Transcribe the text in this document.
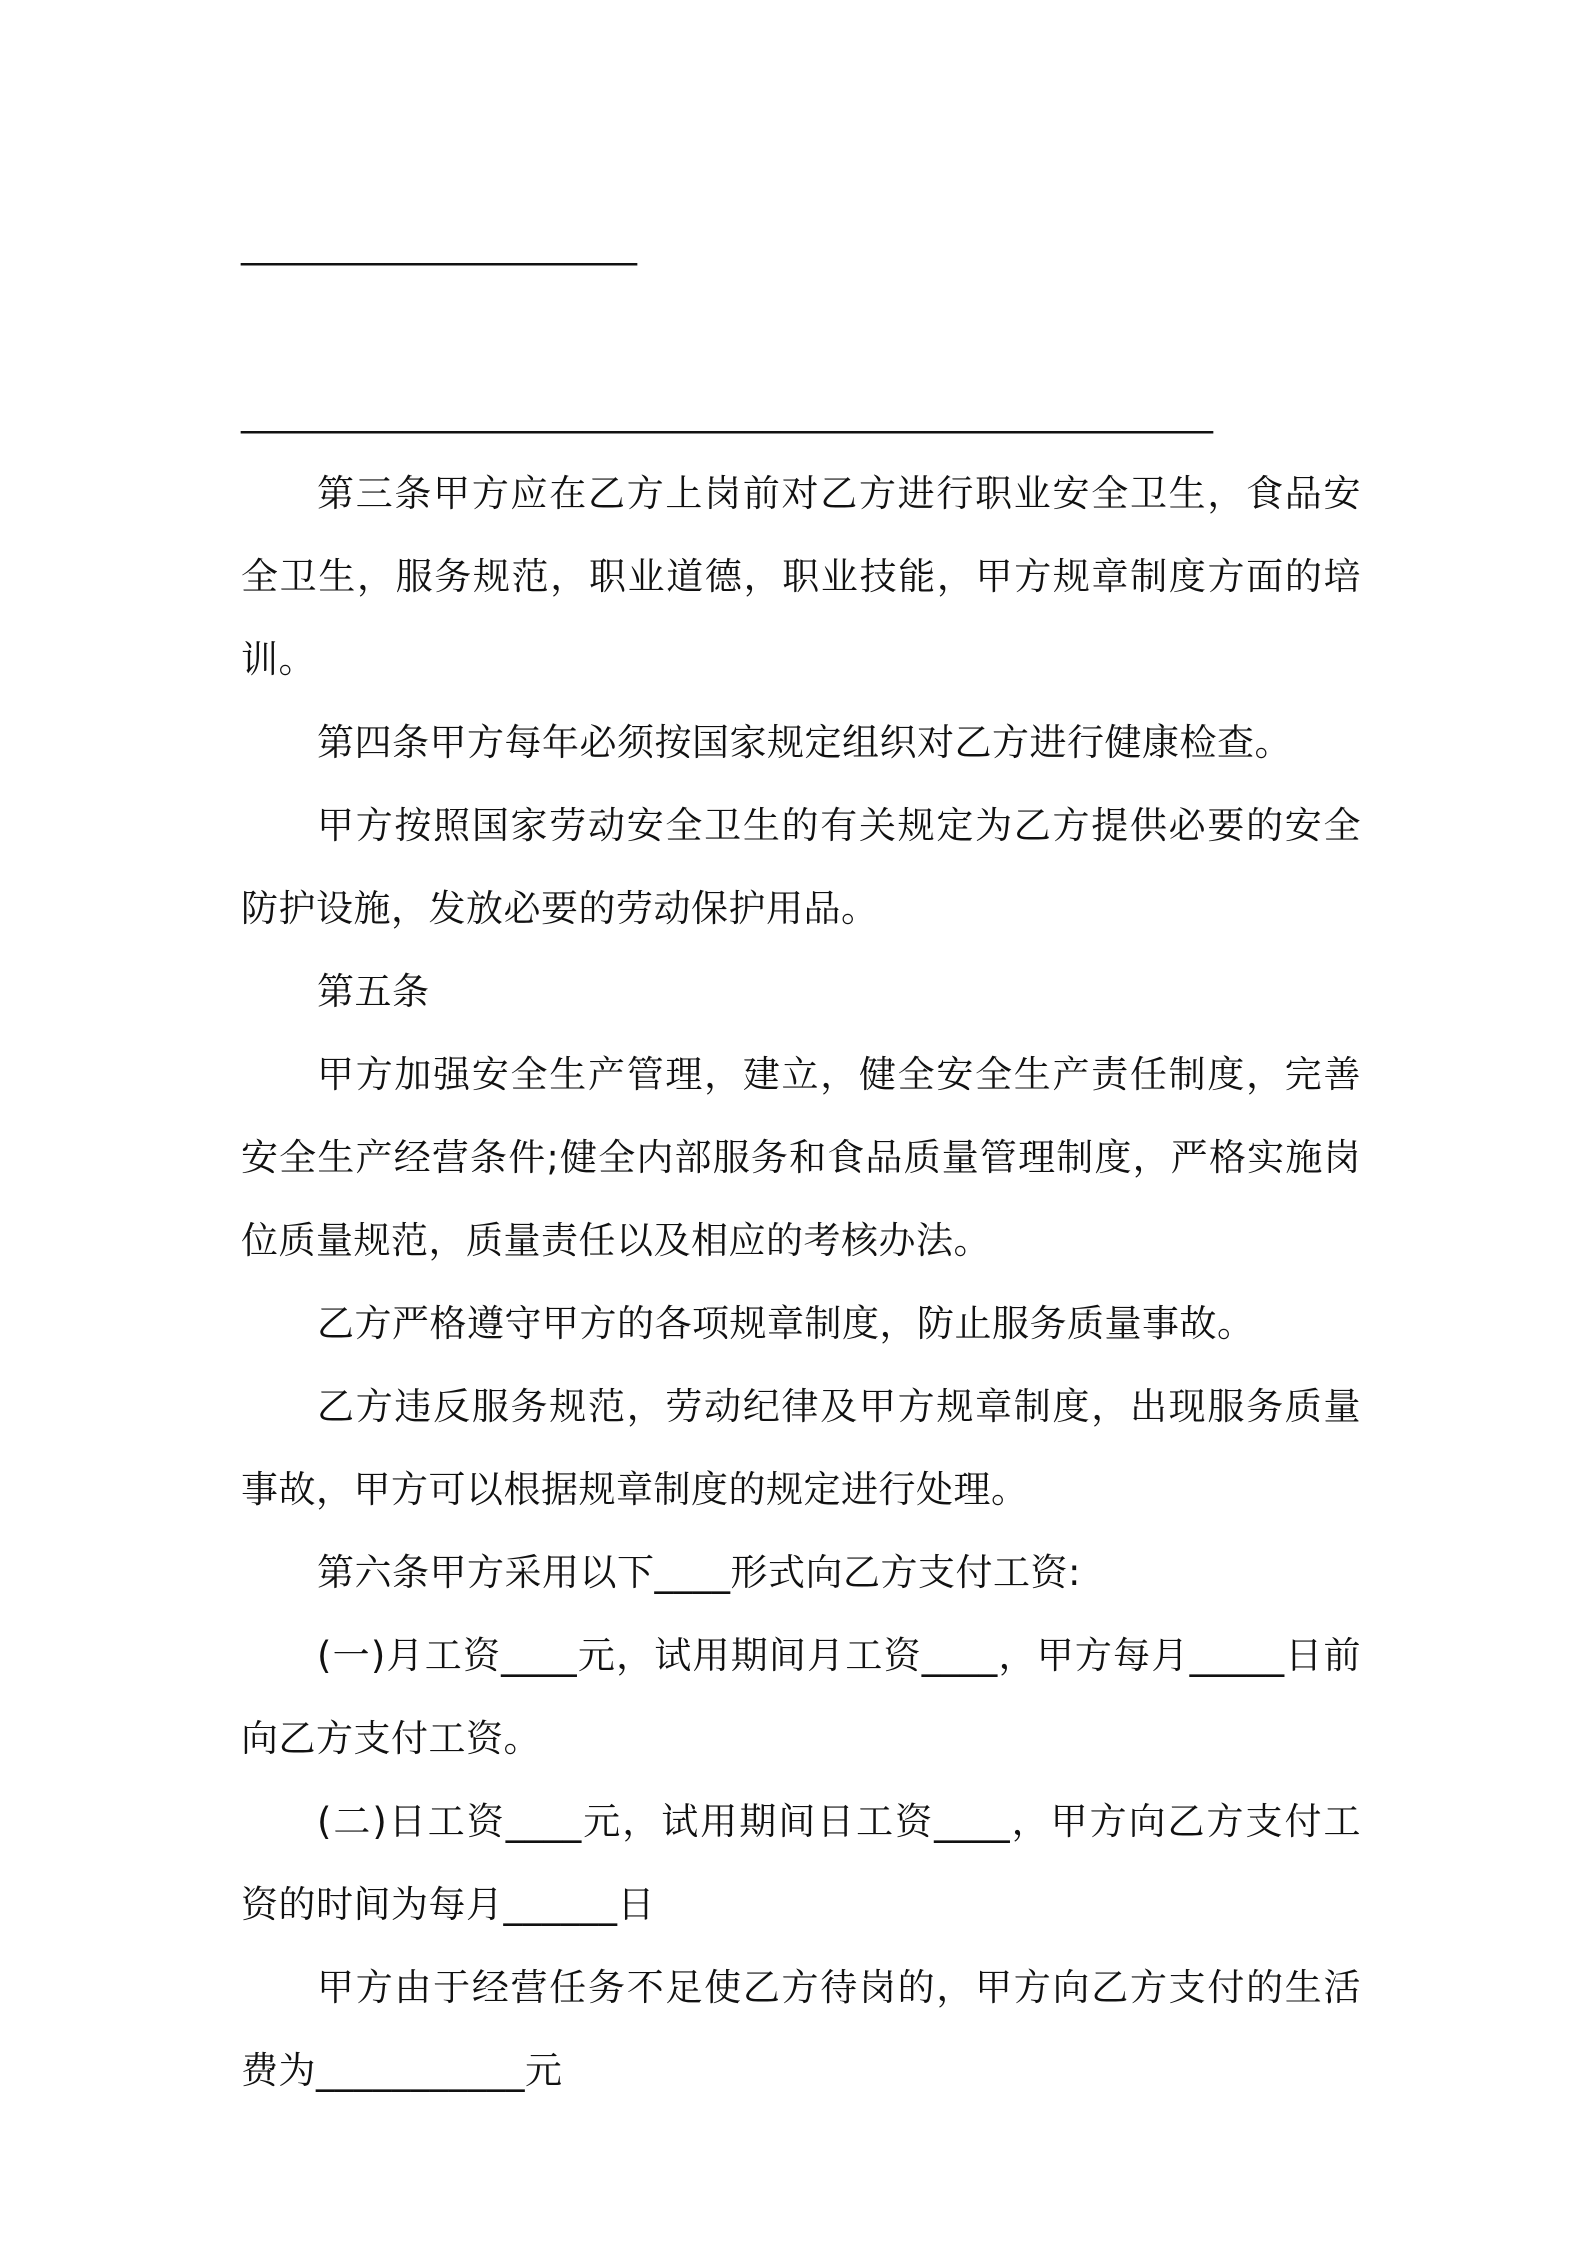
______________________
______________________________________________________

第三条甲方应在乙方上岗前对乙方进行职业安全卫生，食品安全卫生，服务规范，职业道德，职业技能，甲方规章制度方面的培训。

第四条甲方每年必须按国家规定组织对乙方进行健康检查。

甲方按照国家劳动安全卫生的有关规定为乙方提供必要的安全防护设施，发放必要的劳动保护用品。

第五条

甲方加强安全生产管理，建立，健全安全生产责任制度，完善安全生产经营条件;健全内部服务和食品质量管理制度，严格实施岗位质量规范，质量责任以及相应的考核办法。

乙方严格遵守甲方的各项规章制度，防止服务质量事故。

乙方违反服务规范，劳动纪律及甲方规章制度，出现服务质量事故，甲方可以根据规章制度的规定进行处理。

第六条甲方采用以下____形式向乙方支付工资:

(一)月工资____元，试用期间月工资____，甲方每月_____日前向乙方支付工资。

(二)日工资____元，试用期间日工资____，甲方向乙方支付工资的时间为每月______日

甲方由于经营任务不足使乙方待岗的，甲方向乙方支付的生活费为___________元
